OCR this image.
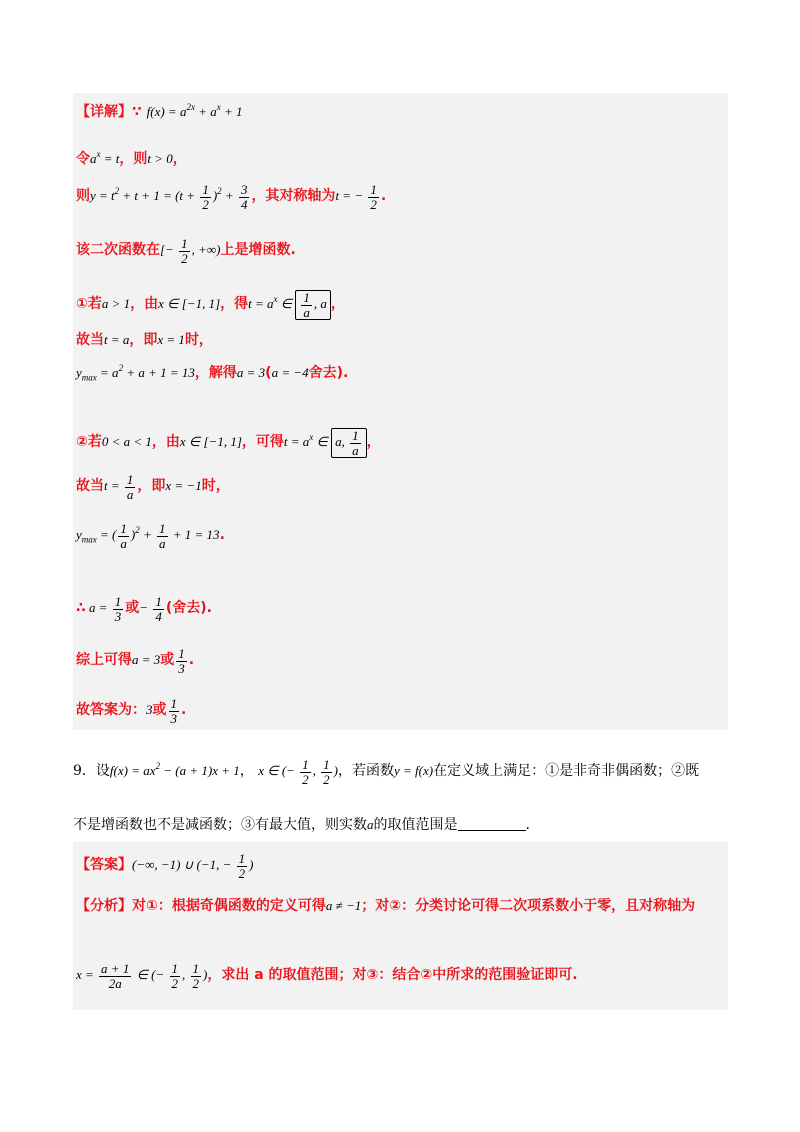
【详解】∵ $f(x) = a^{2x} + a^x + 1$
令$a^x = t$，则t > 0，
则$y = t^2 + t + 1 = (t + \frac{1}{2} )^2 + \frac{3}{4}$ ，其对称轴为t = − $\frac{1}{2}$ .
该二次函数在[− $\frac{1}{2}$ , +∞)上是增函数.
①若a > 1，由x ∈ [−1, 1]，得$t = a^x$ ∈ $\frac{1}{a}$ , a ，
故当t = a，即x = 1时，
$y_{max} = a^2 + a + 1 = 13$，解得a = 3(a = −4舍去).
②若0 < a < 1，由x ∈ [−1, 1]，可得$t = a^x$ ∈ a, $\frac{1}{a}$ ，
故当$t = \frac{1}{a}$ ，即x = −1时，
$y_{max}$ = ( $\frac{1}{a} )^2 + \frac{1}{a} + 1 = 13$.
∴ $a = \frac{1}{3}$ 或− $\frac{1}{4}$ (舍去).
综上可得a = 3或 $\frac{1}{3}$ .
故答案为：3或 $\frac{1}{3}$ .
9．设$f(x) = ax^2 - (a + 1)x + 1$， x ∈ (− $\frac{1}{2}$ , $\frac{1}{2}$ )，若函数y = f(x)在定义域上满足：①是非奇非偶函数；②既
不是增函数也不是减函数；③有最大值，则实数a的取值范围是	.
【答案】(−∞, −1) ∪ (−1, − $\frac{1}{2}$ )
【分析】对①：根据奇偶函数的定义可得a ≠ −1；对②：分类讨论可得二次项系数小于零，且对称轴为
$x = \frac{a + 1}{2a}$ ∈ (− $\frac{1}{2}$ , $\frac{1}{2}$ )，求出 a 的取值范围；对③：结合②中所求的范围验证即可.
